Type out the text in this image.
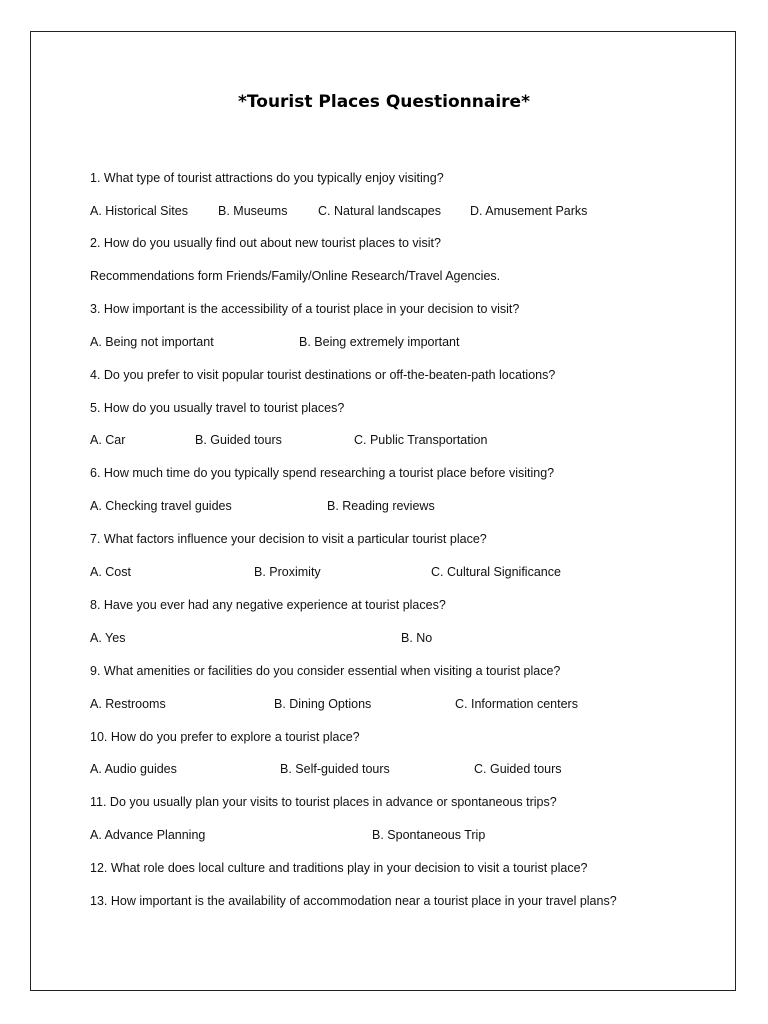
*Tourist Places Questionnaire*
1. What type of tourist attractions do you typically enjoy visiting?
A. Historical Sites B. Museums C. Natural landscapes D. Amusement Parks
2. How do you usually find out about new tourist places to visit?
Recommendations form Friends/Family/Online Research/Travel Agencies.
3. How important is the accessibility of a tourist place in your decision to visit?
A. Being not important	B. Being extremely important
4. Do you prefer to visit popular tourist destinations or off-the-beaten-path locations?
5. How do you usually travel to tourist places?
A. Car	B. Guided tours	C. Public Transportation
6. How much time do you typically spend researching a tourist place before visiting?
A. Checking travel guides	B. Reading reviews
7. What factors influence your decision to visit a particular tourist place?
A. Cost	B. Proximity	C. Cultural Significance
8. Have you ever had any negative experience at tourist places?
A. Yes	B. No
9. What amenities or facilities do you consider essential when visiting a tourist place?
A. Restrooms	B. Dining Options	C. Information centers
10. How do you prefer to explore a tourist place?
A. Audio guides	B. Self-guided tours	C. Guided tours
11. Do you usually plan your visits to tourist places in advance or spontaneous trips?
A. Advance Planning	B. Spontaneous Trip
12. What role does local culture and traditions play in your decision to visit a tourist place?
13. How important is the availability of accommodation near a tourist place in your travel plans?
